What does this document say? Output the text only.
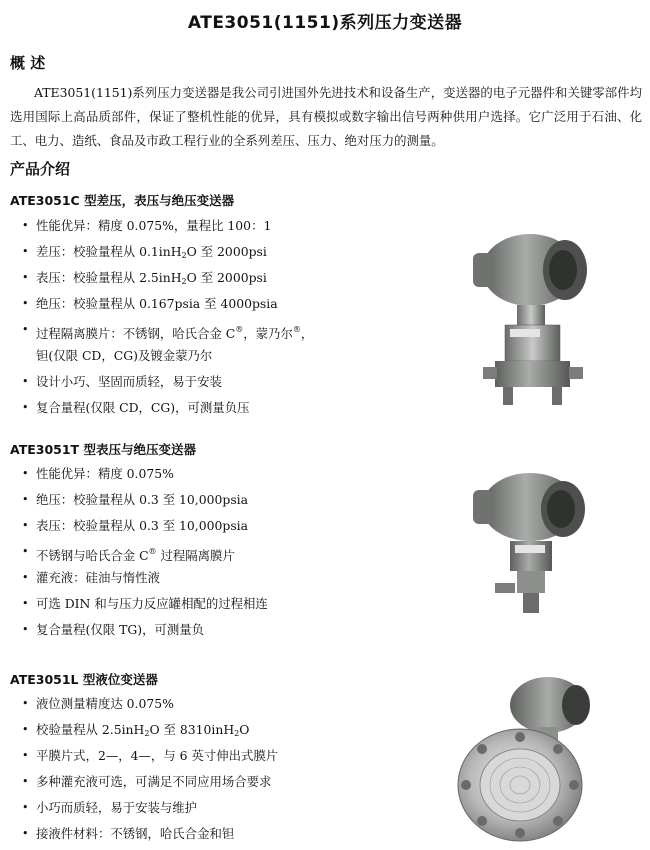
ATE3051(1151)系列压力变送器
概 述

ATE3051(1151)系列压力变送器是我公司引进国外先进技术和设备生产，变送器的电子元器件和关键零部件均选用国际上高品质部件，保证了整机性能的优异，具有模拟或数字输出信号两种供用户选择。它广泛用于石油、化工、电力、造纸、食品及市政工程行业的全系列差压、压力、绝对压力的测量。

产品介绍
ATE3051C 型差压，表压与绝压变送器
• 性能优异：精度 0.075%，量程比 100：1
• 差压：校验量程从 0.1inH$_2$O 至 2000psi
• 表压：校验量程从 2.5inH$_2$O 至 2000psi
• 绝压：校验量程从 0.167psia 至 4000psia
• 过程隔离膜片：不锈钢，哈氏合金 C®，蒙乃尔®，
钽(仅限 CD，CG)及镀金蒙乃尔
• 设计小巧、坚固而质轻，易于安装
• 复合量程(仅限 CD，CG)，可测量负压
ATE3051T 型表压与绝压变送器
• 性能优异：精度 0.075%
• 绝压：校验量程从 0.3 至 10,000psia
• 表压：校验量程从 0.3 至 10,000psia
• 不锈钢与哈氏合金 C® 过程隔离膜片
• 灌充液：硅油与惰性液
• 可选 DIN 和与压力反应罐相配的过程相连
• 复合量程(仅限 TG)，可测量负
ATE3051L 型液位变送器
• 液位测量精度达 0.075%
• 校验量程从 2.5inH$_2$O 至 8310inH$_2$O
• 平膜片式，2—，4—，与 6 英寸伸出式膜片
• 多种灌充液可选，可满足不同应用场合要求
• 小巧而质轻，易于安装与维护
• 接液件材料：不锈钢，哈氏合金和钽
